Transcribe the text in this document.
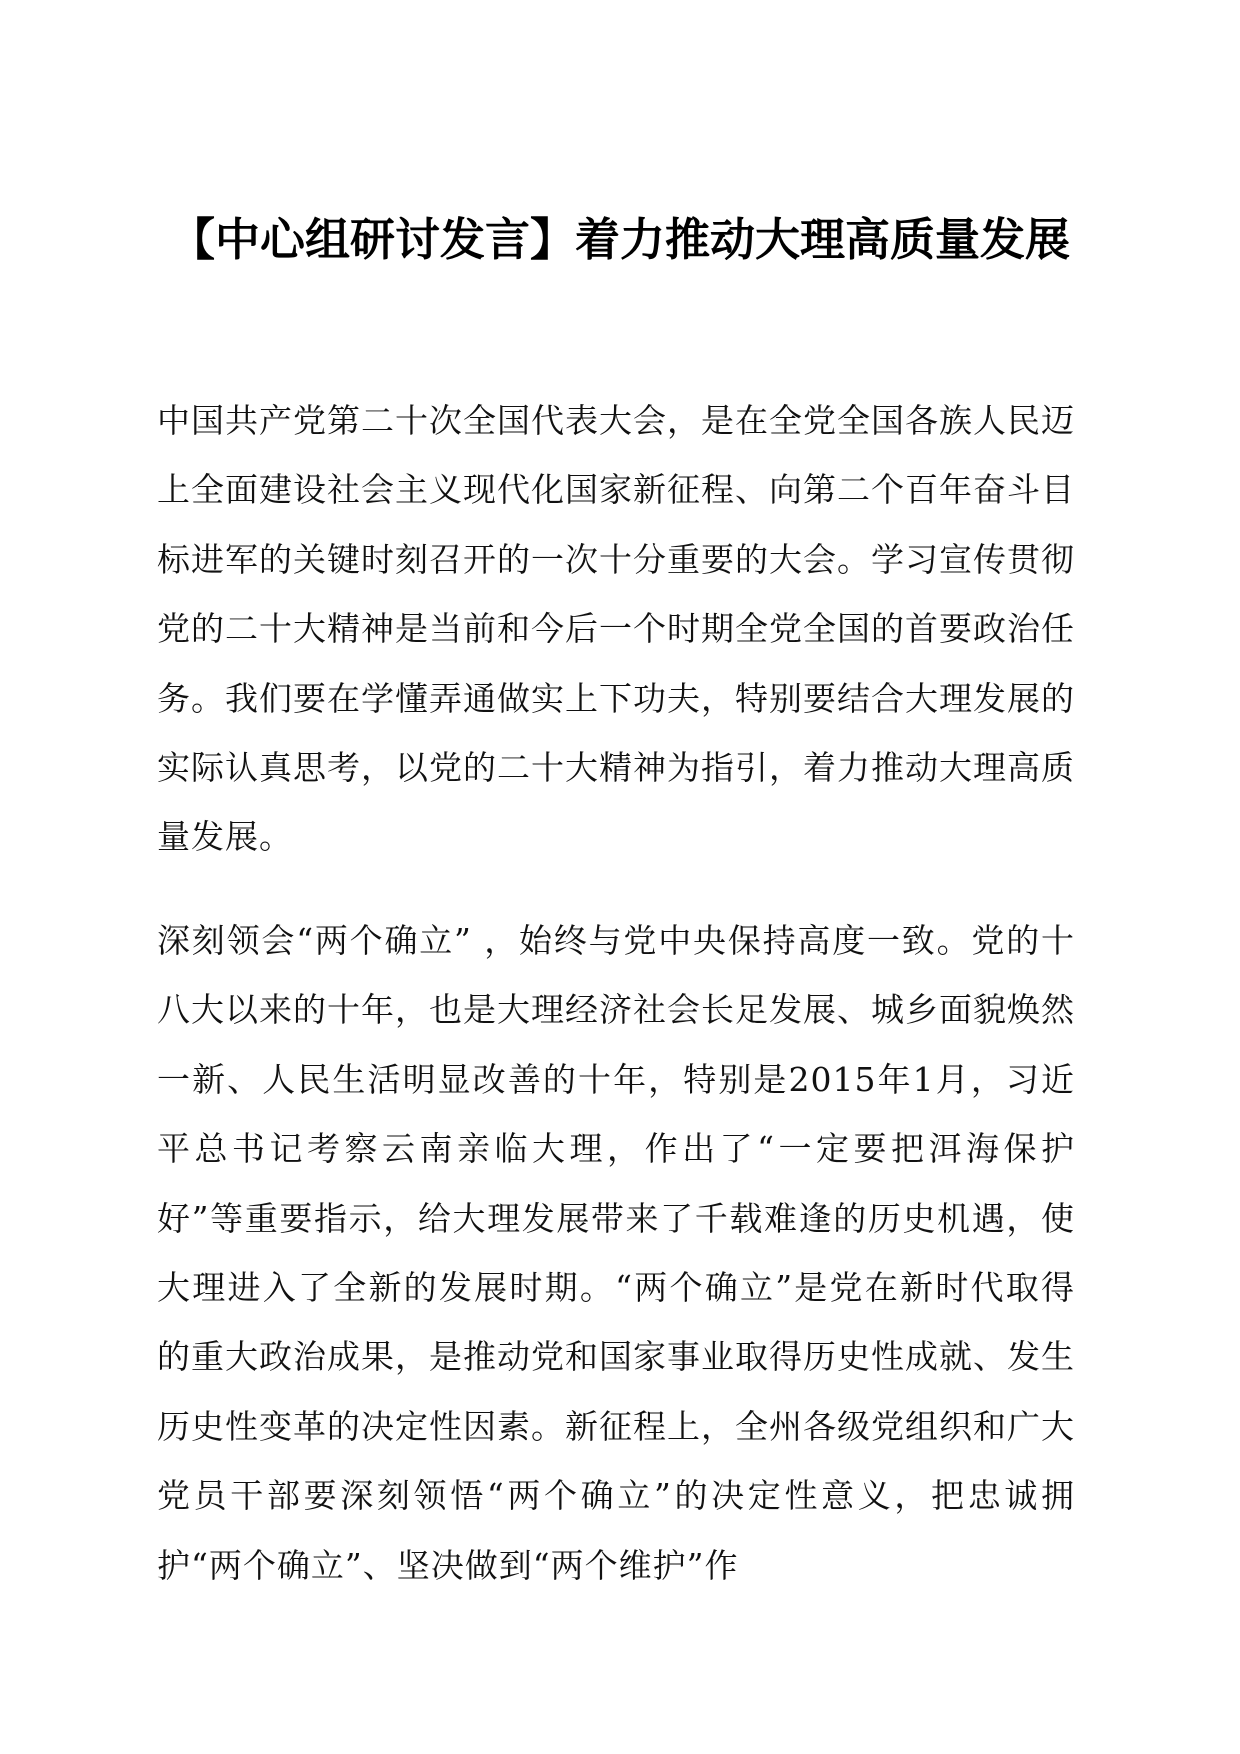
【中心组研讨发言】着力推动大理高质量发展

中国共产党第二十次全国代表大会，是在全党全国各族人民迈上全面建设社会主义现代化国家新征程、向第二个百年奋斗目标进军的关键时刻召开的一次十分重要的大会。学习宣传贯彻党的二十大精神是当前和今后一个时期全党全国的首要政治任务。我们要在学懂弄通做实上下功夫，特别要结合大理发展的实际认真思考，以党的二十大精神为指引，着力推动大理高质量发展。

深刻领会“两个确立” ，始终与党中央保持高度一致。党的十八大以来的十年，也是大理经济社会长足发展、城乡面貌焕然一新、人民生活明显改善的十年，特别是2015年1月，习近平总书记考察云南亲临大理，作出了“一定要把洱海保护好”等重要指示，给大理发展带来了千载难逢的历史机遇，使大理进入了全新的发展时期。“两个确立”是党在新时代取得的重大政治成果，是推动党和国家事业取得历史性成就、发生历史性变革的决定性因素。新征程上，全州各级党组织和广大党员干部要深刻领悟“两个确立”的决定性意义，把忠诚拥护“两个确立”、坚决做到“两个维护”作
